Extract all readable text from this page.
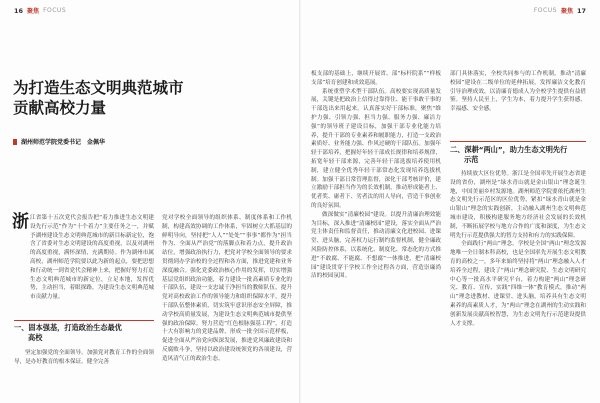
16 聚焦 FOCUS	FOCUS 聚焦 17
为打造生态文明典范城市
贡献高校力量
湖州师范学院党委书记　金佩华
浙 江省第十五次党代会报告把“着力推进生态文明建设先行示范”作为“十个着力”主要任务之一，并赋予湖州建设生态文明典范城市的新目标新定位，饱含了省委对生态文明建设的高度重视，以及对湖州的高度重视，满怀深情，充满期待。作为湖州市属高校，湖州师范学院要以此为新的起点，要把思想和行动统一到省党代会精神上来，把握好努力打造生态文明典范城市的新定位，立足本地，发挥优势，主动担当，着眼探路，为建设生态文明典范城市贡献力量。

一、固本强基，打造政治生态最优
高校

坚定加强党的全面领导。加强党对教育工作的全面领导，是办好教育的根本保证。健全完善

党对学校全面领导的组织体系、制度体系和工作机制，构建高效协调的工作体系，牢固树立大抓基层的鲜明导向，坚持把“人人”“处处”“事事”都作为“担当作为、全面从严治党”的落脚点和着力点，提升政治站位，增强政治执行力，把党对学校全面领导的要求贯彻到办学治校的全过程和各方面，推进党建和业务深度融合。强化党委政治核心作用的发挥，切实增强基层党组织政治功能，着力建设一批高素质专业化的干部队伍，建设一支忠诚干净担当的教师队伍，提升党对高校政治工作的领导能力和组织保障水平，提升干部队伍整体素质，切实筑牢意识形态安全屏障，推动学校高质量发展，为建设生态文明典范城市提供坚强的政治保障。努力营造“红色根脉强基工程”，打造十大有影响力的党建品牌，形成一批全国示范样板，促进全面从严治党向纵深发展，推进党风廉政建设和反腐败斗争，坚持以政治建设统领党的各项建设，营造风清气正的政治生态。

板支部的基础上，继续开展省、部“标杆院系”“样板支部”培育创建和成效巡展。

系统重塑学术型干部队伍。高校要实现高质量发展，关键是把政治上信得过靠得住、能干事敢干事的干部选出来用起来。认真落实好干部标准，聚焦“维护力强、引领力强、担当力强、服务力强、廉洁力强”的领导班子建设目标，加强干部专业化能力培养，提升干部的专业素养和履职能力，打造一支政治素质好、业务能力强、作风过硬的干部队伍。加强年轻干部培养，把握好年轻干部成长规律和培养规律，拓宽年轻干部来源，完善年轻干部选拔培养使用机制，建立健全优秀年轻干部常态化发现培养选拔机制。加强干部日常管理监督，深化干部考核评价，建立激励干部担当作为的长效机制，推动形成能者上、优者奖、庸者下、劣者汰的用人导向，营造干事创业的良好氛围。

做深做实“清廉校园”建设。以提升清廉治理效能为目标，深入推进“清廉校园”建设，落实全面从严治党主体责任和监督责任，推动清廉文化进校园、进课堂、进头脑，完善权力运行制约监督机制，健全廉政风险防控体系，以系统化、制度化、常态化的方式推进“不敢腐、不能腐、不想腐”一体推进，把“清廉校园”建设贯穿于学校工作全过程各方面，营造崇廉尚洁的校园氛围。

部门具体落实，全校共同参与的工作机制，推动“清廉校园”建设在二级单位的延伸拓展，发挥廉洁文化教育引导治理成效，以清廉育德成人为全校学生提供有益借鉴。坚持人民至上，学生为本，着力提升学生获得感、幸福感、安全感。

二、深耕“两山”，助力生态文明先行
示范

持续放大区位优势。浙江是全国率先开展生态省建设的省份，湖州是“绿水青山就是金山银山”理念诞生地，中国美丽乡村发源地。湖州师范学院要依托湖州生态文明先行示范区的区位优势，紧扣“绿水青山就是金山银山”理念的实践创新，主动融入湖州生态文明典范城市建设，积极构建服务地方经济社会发展的长效机制，不断拓展学校与地方合作的广度和深度，为生态文明先行示范提供强大的智力支持和有力的实践保障。

全面践行“两山”理念。学校是全国“两山”理念发源地唯一全日制本科高校，也是全国率先开展生态文明教育的高校之一，多年来始终坚持将“两山”理念融入人才培养全过程，建设了“两山”理念研究院、生态文明研究中心等一批高水平研究平台，着力构建“两山”理念研究、教育、宣传、实践“四维一体”教育模式，推动“两山”理念进教材、进课堂、进头脑，培养具有生态文明素养的高素质人才，为“两山”理念在湖州的生动实践和创新发展贡献高校智慧，为生态文明先行示范建设提供人才支撑。
